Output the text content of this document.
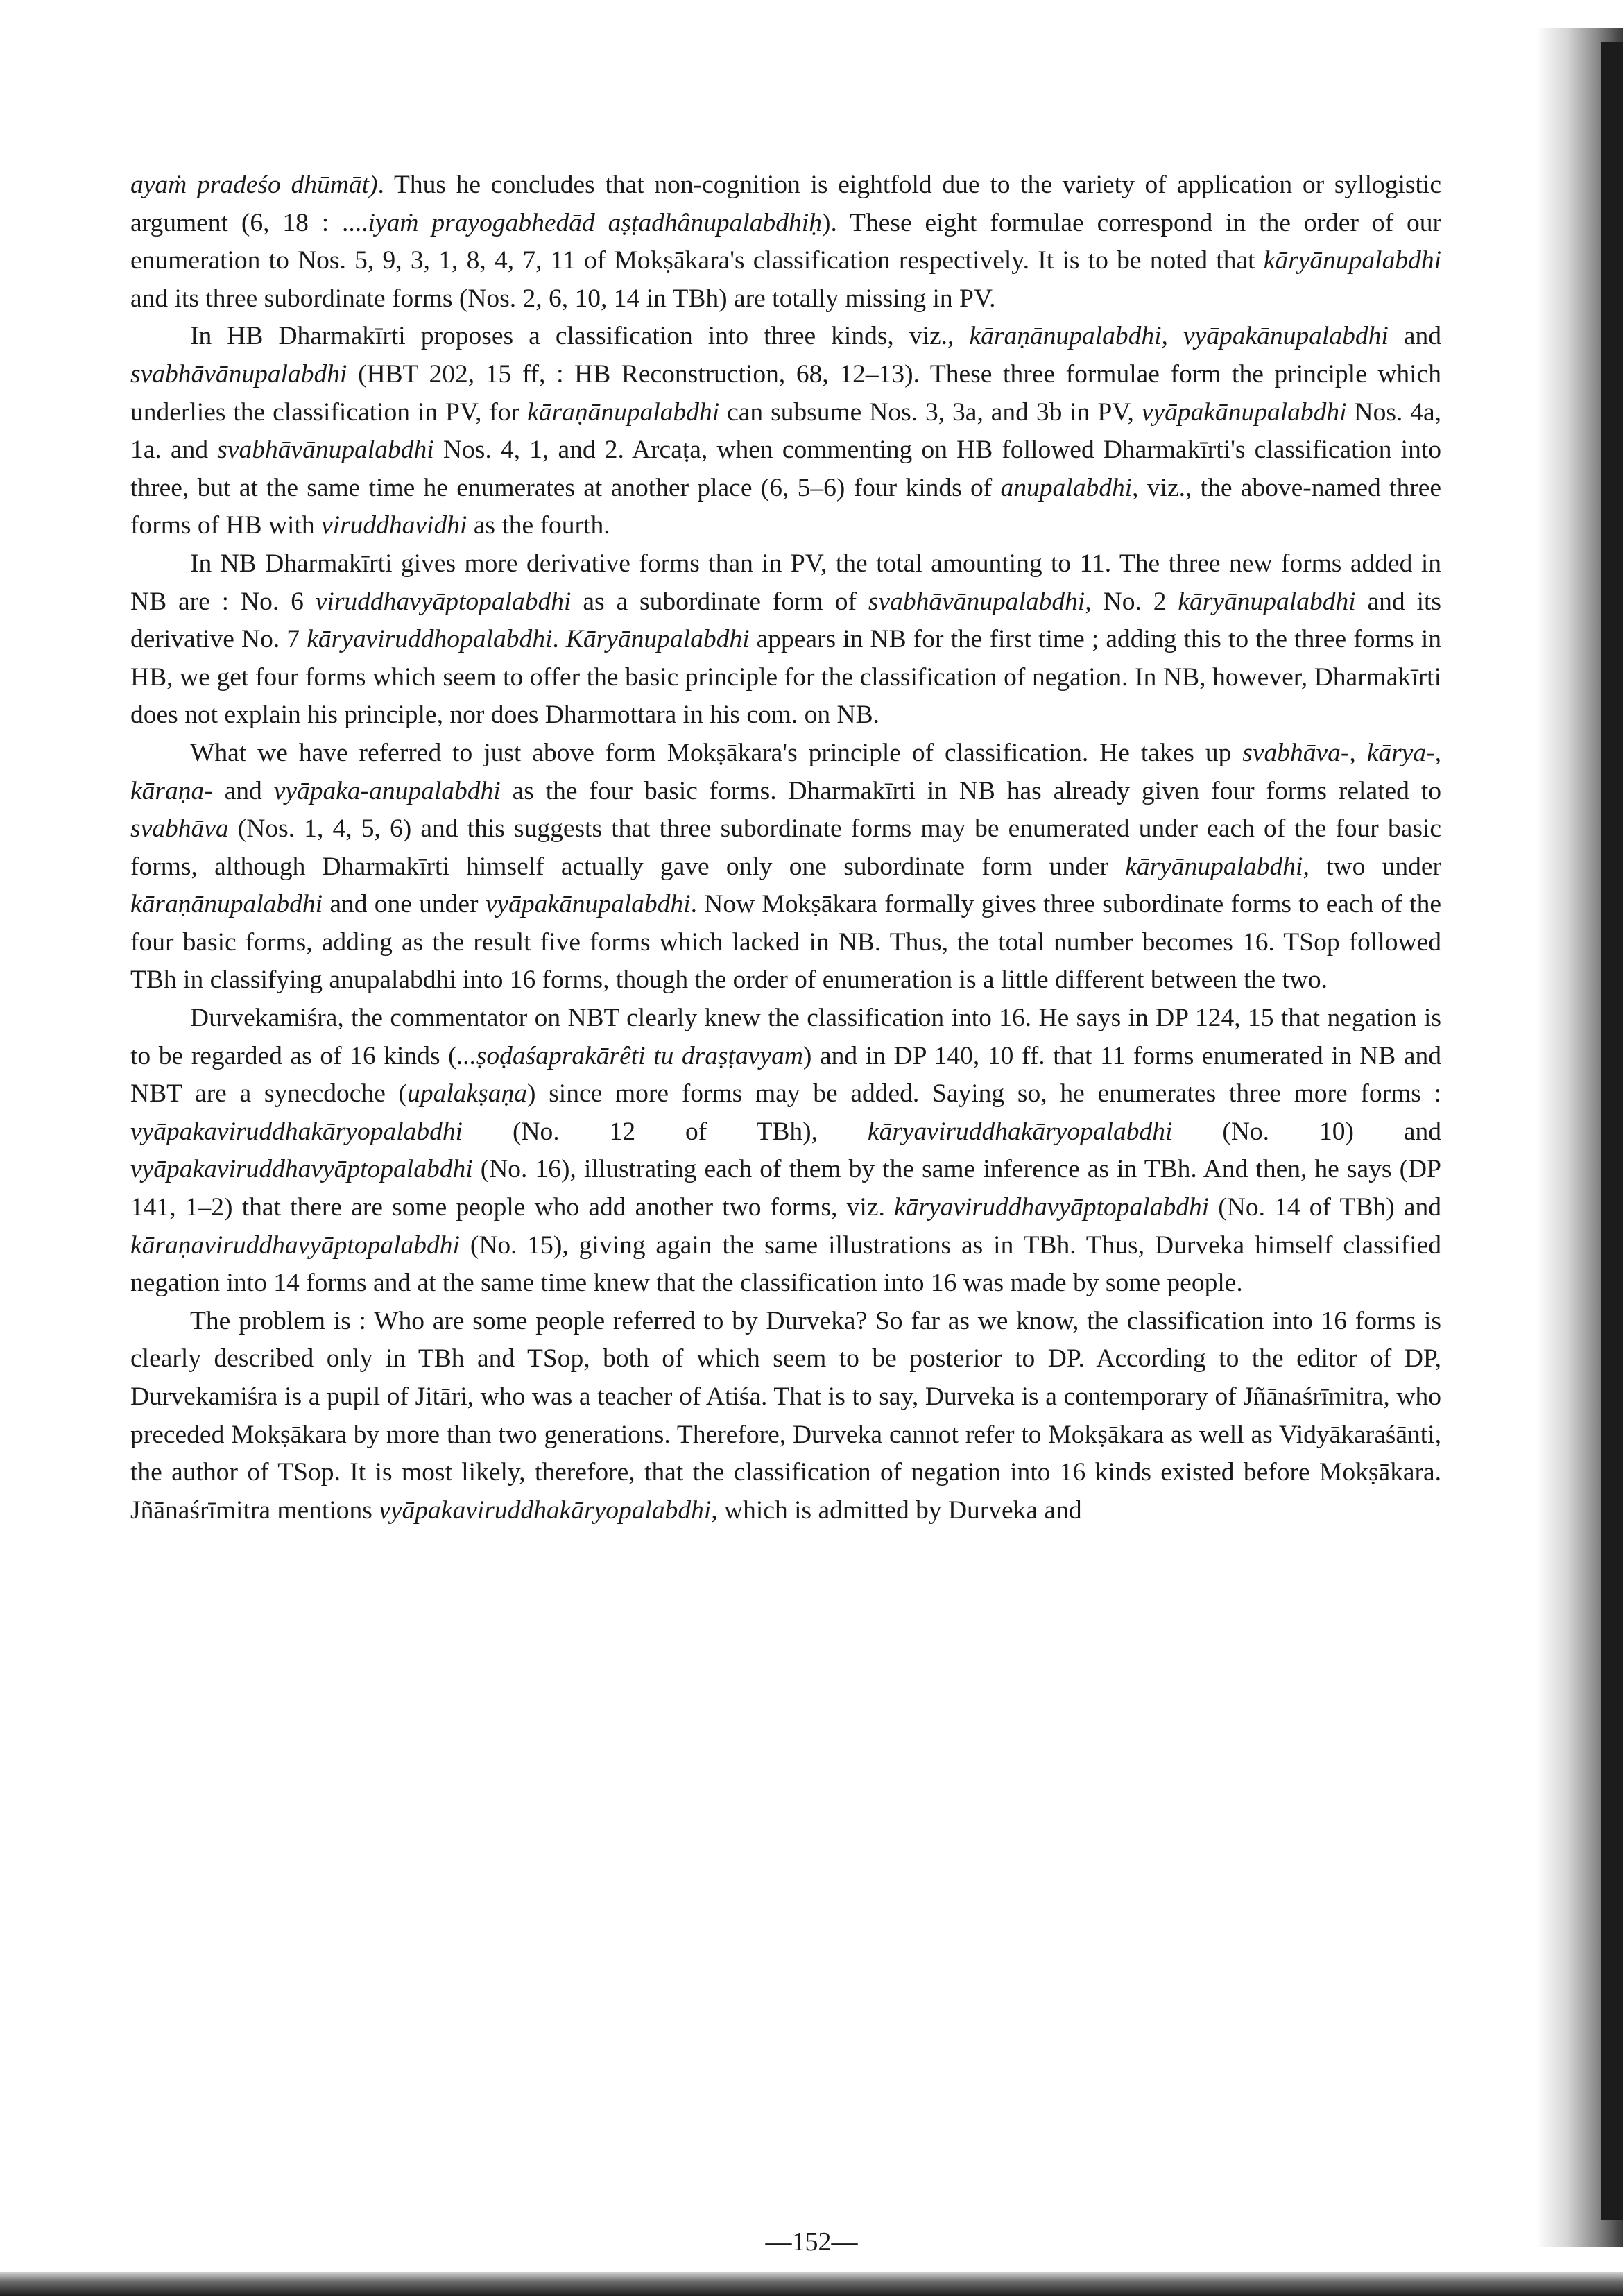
ayaṁ pradeśo dhūmāt). Thus he concludes that non-cognition is eightfold due to the variety of application or syllogistic argument (6, 18 : ....iyaṁ prayogabhedād aṣṭadhânupalabdhiḥ). These eight formulae correspond in the order of our enumeration to Nos. 5, 9, 3, 1, 8, 4, 7, 11 of Mokṣākara's classification respectively. It is to be noted that kāryānupalabdhi and its three subordinate forms (Nos. 2, 6, 10, 14 in TBh) are totally missing in PV.

In HB Dharmakīrti proposes a classification into three kinds, viz., kāraṇānupalabdhi, vyāpakānupalabdhi and svabhāvānupalabdhi (HBT 202, 15 ff, : HB Reconstruction, 68, 12–13). These three formulae form the principle which underlies the classification in PV, for kāraṇānupalabdhi can subsume Nos. 3, 3a, and 3b in PV, vyāpakānupalabdhi Nos. 4a, 1a. and svabhāvānupalabdhi Nos. 4, 1, and 2. Arcaṭa, when commenting on HB followed Dharmakīrti's classification into three, but at the same time he enumerates at another place (6, 5–6) four kinds of anupalabdhi, viz., the above-named three forms of HB with viruddhavidhi as the fourth.

In NB Dharmakīrti gives more derivative forms than in PV, the total amounting to 11. The three new forms added in NB are : No. 6 viruddhavyāptopalabdhi as a subordinate form of svabhāvānupalabdhi, No. 2 kāryānupalabdhi and its derivative No. 7 kāryaviruddhopalabdhi. Kāryānupalabdhi appears in NB for the first time ; adding this to the three forms in HB, we get four forms which seem to offer the basic principle for the classification of negation. In NB, however, Dharmakīrti does not explain his principle, nor does Dharmottara in his com. on NB.

What we have referred to just above form Mokṣākara's principle of classification. He takes up svabhāva-, kārya-, kāraṇa- and vyāpaka-anupalabdhi as the four basic forms. Dharmakīrti in NB has already given four forms related to svabhāva (Nos. 1, 4, 5, 6) and this suggests that three subordinate forms may be enumerated under each of the four basic forms, although Dharmakīrti himself actually gave only one subordinate form under kāryānupalabdhi, two under kāraṇānupalabdhi and one under vyāpakānupalabdhi. Now Mokṣākara formally gives three subordinate forms to each of the four basic forms, adding as the result five forms which lacked in NB. Thus, the total number becomes 16. TSop followed TBh in classifying anupalabdhi into 16 forms, though the order of enumeration is a little different between the two.

Durvekamiśra, the commentator on NBT clearly knew the classification into 16. He says in DP 124, 15 that negation is to be regarded as of 16 kinds (...ṣoḍaśaprakārêti tu draṣṭavyam) and in DP 140, 10 ff. that 11 forms enumerated in NB and NBT are a synecdoche (upalakṣaṇa) since more forms may be added. Saying so, he enumerates three more forms : vyāpakaviruddhakāryopalabdhi (No. 12 of TBh), kāryaviruddhakāryopalabdhi (No. 10) and vyāpakaviruddhavyāptopalabdhi (No. 16), illustrating each of them by the same inference as in TBh. And then, he says (DP 141, 1–2) that there are some people who add another two forms, viz. kāryaviruddhavyāptopalabdhi (No. 14 of TBh) and kāraṇaviruddhavyāptopalabdhi (No. 15), giving again the same illustrations as in TBh. Thus, Durveka himself classified negation into 14 forms and at the same time knew that the classification into 16 was made by some people.

The problem is : Who are some people referred to by Durveka? So far as we know, the classification into 16 forms is clearly described only in TBh and TSop, both of which seem to be posterior to DP. According to the editor of DP, Durvekamiśra is a pupil of Jitāri, who was a teacher of Atiśa. That is to say, Durveka is a contemporary of Jñānaśrīmitra, who preceded Mokṣākara by more than two generations. Therefore, Durveka cannot refer to Mokṣākara as well as Vidyākaraśānti, the author of TSop. It is most likely, therefore, that the classification of negation into 16 kinds existed before Mokṣākara. Jñānaśrīmitra mentions vyāpakaviruddhakāryopalabdhi, which is admitted by Durveka and

—152—
